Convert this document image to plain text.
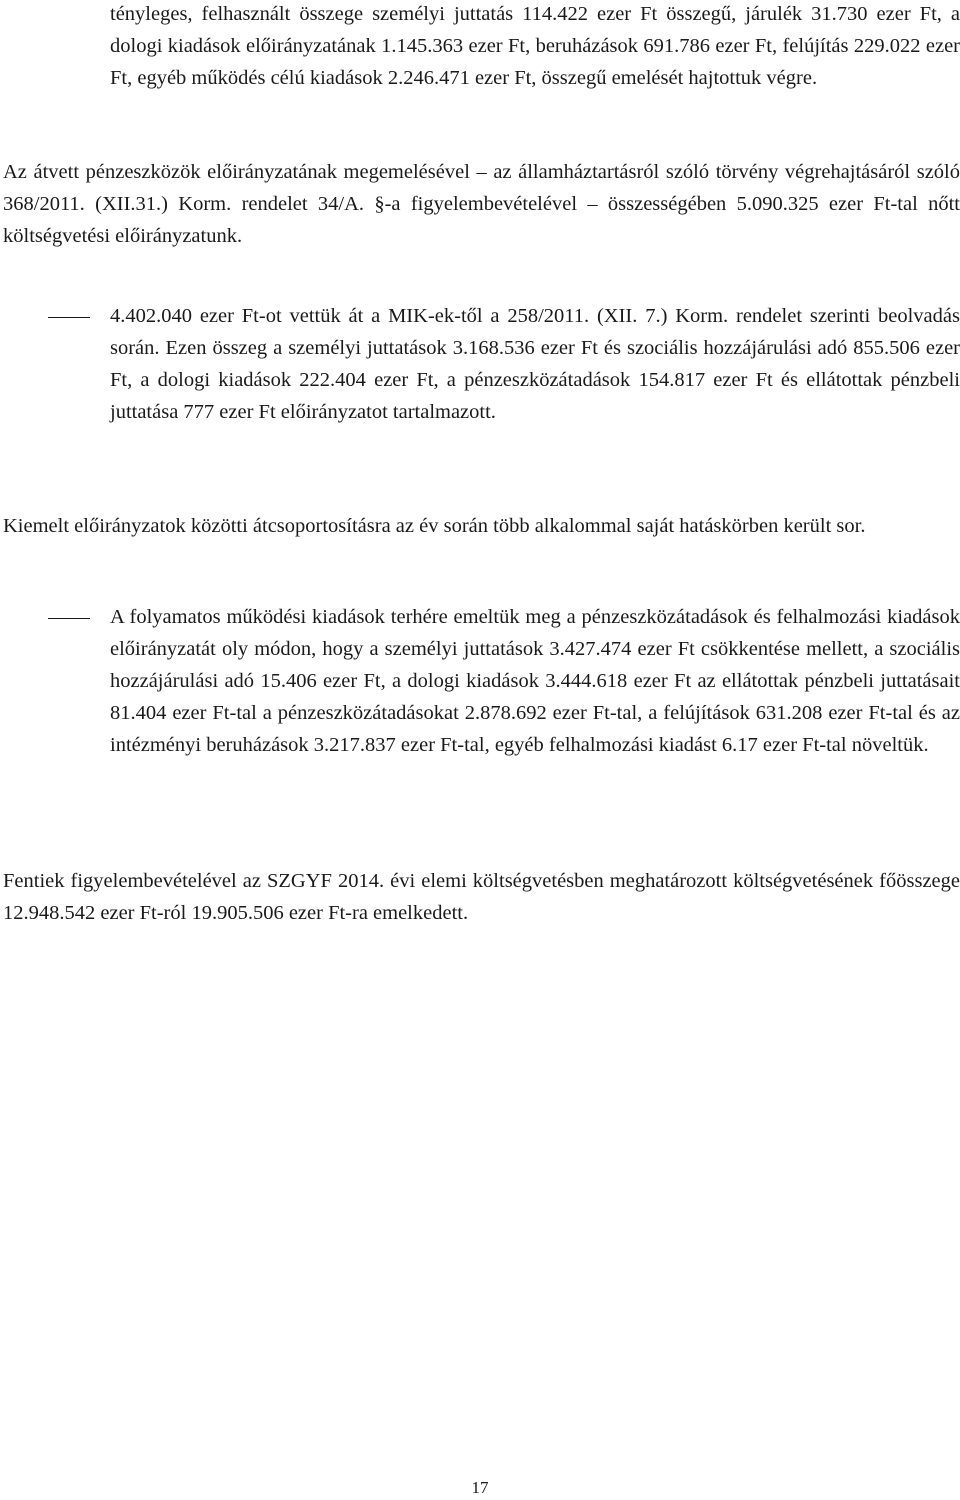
tényleges, felhasznált összege személyi juttatás 114.422 ezer Ft összegű, járulék 31.730 ezer Ft, a dologi kiadások előirányzatának 1.145.363 ezer Ft, beruházások 691.786 ezer Ft, felújítás 229.022 ezer Ft, egyéb működés célú kiadások 2.246.471 ezer Ft, összegű emelését hajtottuk végre.

Az átvett pénzeszközök előirányzatának megemelésével – az államháztartásról szóló törvény végrehajtásáról szóló 368/2011. (XII.31.) Korm. rendelet 34/A. §-a figyelembevételével – összességében 5.090.325 ezer Ft-tal nőtt költségvetési előirányzatunk.

4.402.040 ezer Ft-ot vettük át a MIK-ek-től a 258/2011. (XII. 7.) Korm. rendelet szerinti beolvadás során. Ezen összeg a személyi juttatások 3.168.536 ezer Ft és szociális hozzájárulási adó 855.506 ezer Ft, a dologi kiadások 222.404 ezer Ft, a pénzeszközátadások 154.817 ezer Ft és ellátottak pénzbeli juttatása 777 ezer Ft előirányzatot tartalmazott.

Kiemelt előirányzatok közötti átcsoportosításra az év során több alkalommal saját hatáskörben került sor.

A folyamatos működési kiadások terhére emeltük meg a pénzeszközátadások és felhalmozási kiadások előirányzatát oly módon, hogy a személyi juttatások 3.427.474 ezer Ft csökkentése mellett, a szociális hozzájárulási adó 15.406 ezer Ft, a dologi kiadások 3.444.618 ezer Ft az ellátottak pénzbeli juttatásait 81.404 ezer Ft-tal a pénzeszközátadásokat 2.878.692 ezer Ft-tal, a felújítások 631.208 ezer Ft-tal és az intézményi beruházások 3.217.837 ezer Ft-tal, egyéb felhalmozási kiadást 6.17 ezer Ft-tal növeltük.

Fentiek figyelembevételével az SZGYF 2014. évi elemi költségvetésben meghatározott költségvetésének főösszege 12.948.542 ezer Ft-ról 19.905.506 ezer Ft-ra emelkedett.

17
